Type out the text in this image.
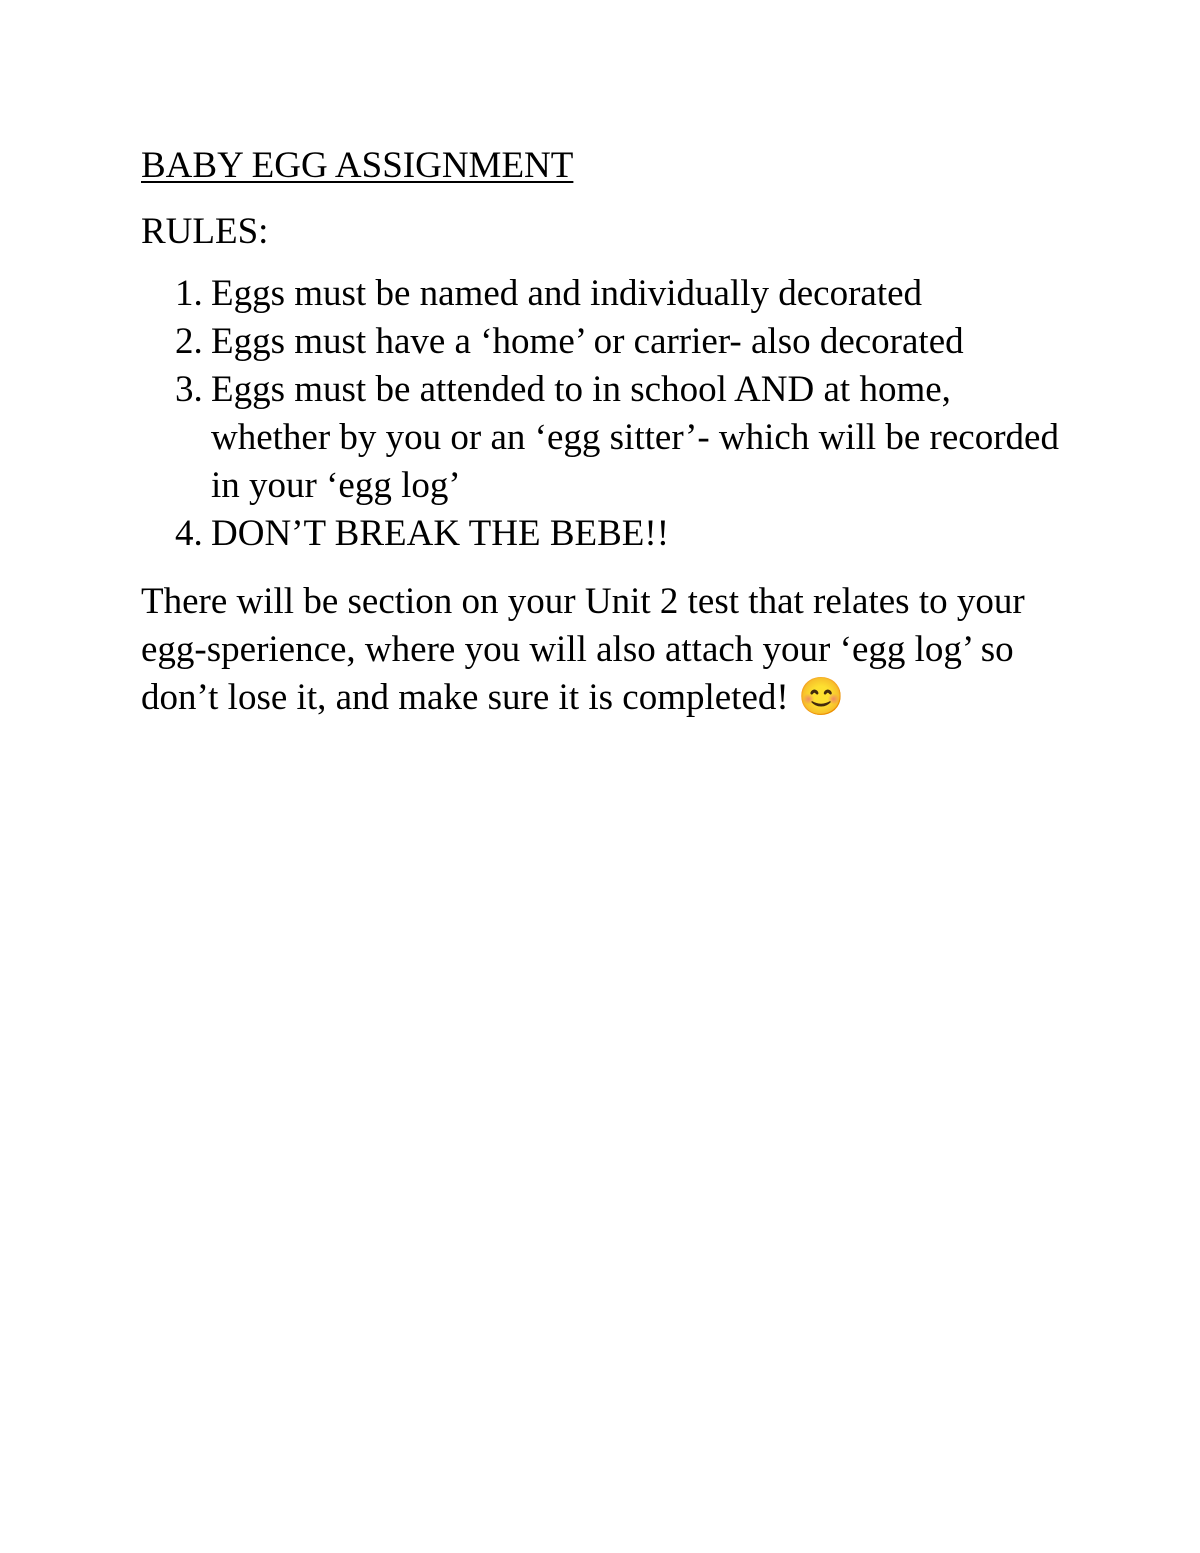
BABY EGG ASSIGNMENT

RULES:

1. Eggs must be named and individually decorated
2. Eggs must have a ‘home’ or carrier- also decorated
3. Eggs must be attended to in school AND at home, whether by you or an ‘egg sitter’- which will be recorded in your ‘egg log’
4. DON’T BREAK THE BEBE!!

There will be section on your Unit 2 test that relates to your egg-sperience, where you will also attach your ‘egg log’ so don’t lose it, and make sure it is completed! 😊
